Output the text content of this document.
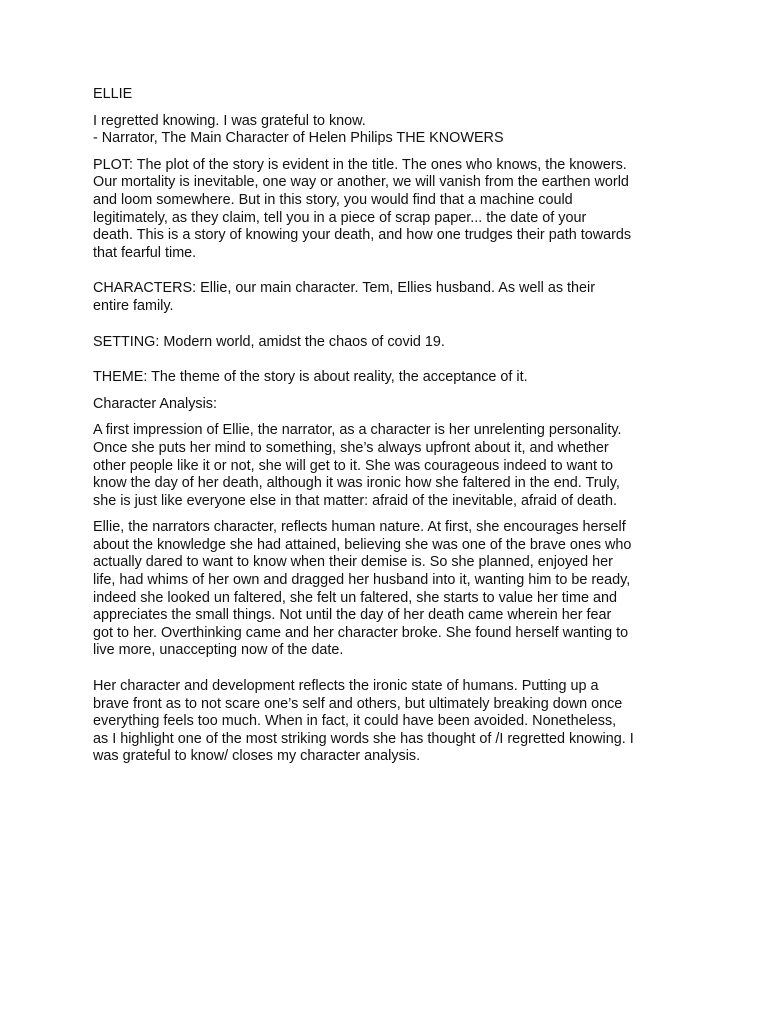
ELLIE

I regretted knowing. I was grateful to know.

- Narrator, The Main Character of Helen Philips THE KNOWERS

PLOT: The plot of the story is evident in the title. The ones who knows, the knowers.
Our mortality is inevitable, one way or another, we will vanish from the earthen world
and loom somewhere. But in this story, you would find that a machine could
legitimately, as they claim, tell you in a piece of scrap paper... the date of your
death. This is a story of knowing your death, and how one trudges their path towards
that fearful time.

CHARACTERS: Ellie, our main character. Tem, Ellies husband. As well as their
entire family.

SETTING: Modern world, amidst the chaos of covid 19.

THEME: The theme of the story is about reality, the acceptance of it.

Character Analysis:

A first impression of Ellie, the narrator, as a character is her unrelenting personality.
Once she puts her mind to something, she’s always upfront about it, and whether
other people like it or not, she will get to it. She was courageous indeed to want to
know the day of her death, although it was ironic how she faltered in the end. Truly,
she is just like everyone else in that matter: afraid of the inevitable, afraid of death.

Ellie, the narrators character, reflects human nature. At first, she encourages herself
about the knowledge she had attained, believing she was one of the brave ones who
actually dared to want to know when their demise is. So she planned, enjoyed her
life, had whims of her own and dragged her husband into it, wanting him to be ready,
indeed she looked un faltered, she felt un faltered, she starts to value her time and
appreciates the small things. Not until the day of her death came wherein her fear
got to her. Overthinking came and her character broke. She found herself wanting to
live more, unaccepting now of the date.

Her character and development reflects the ironic state of humans. Putting up a
brave front as to not scare one’s self and others, but ultimately breaking down once
everything feels too much. When in fact, it could have been avoided. Nonetheless,
as I highlight one of the most striking words she has thought of /I regretted knowing. I
was grateful to know/ closes my character analysis.
